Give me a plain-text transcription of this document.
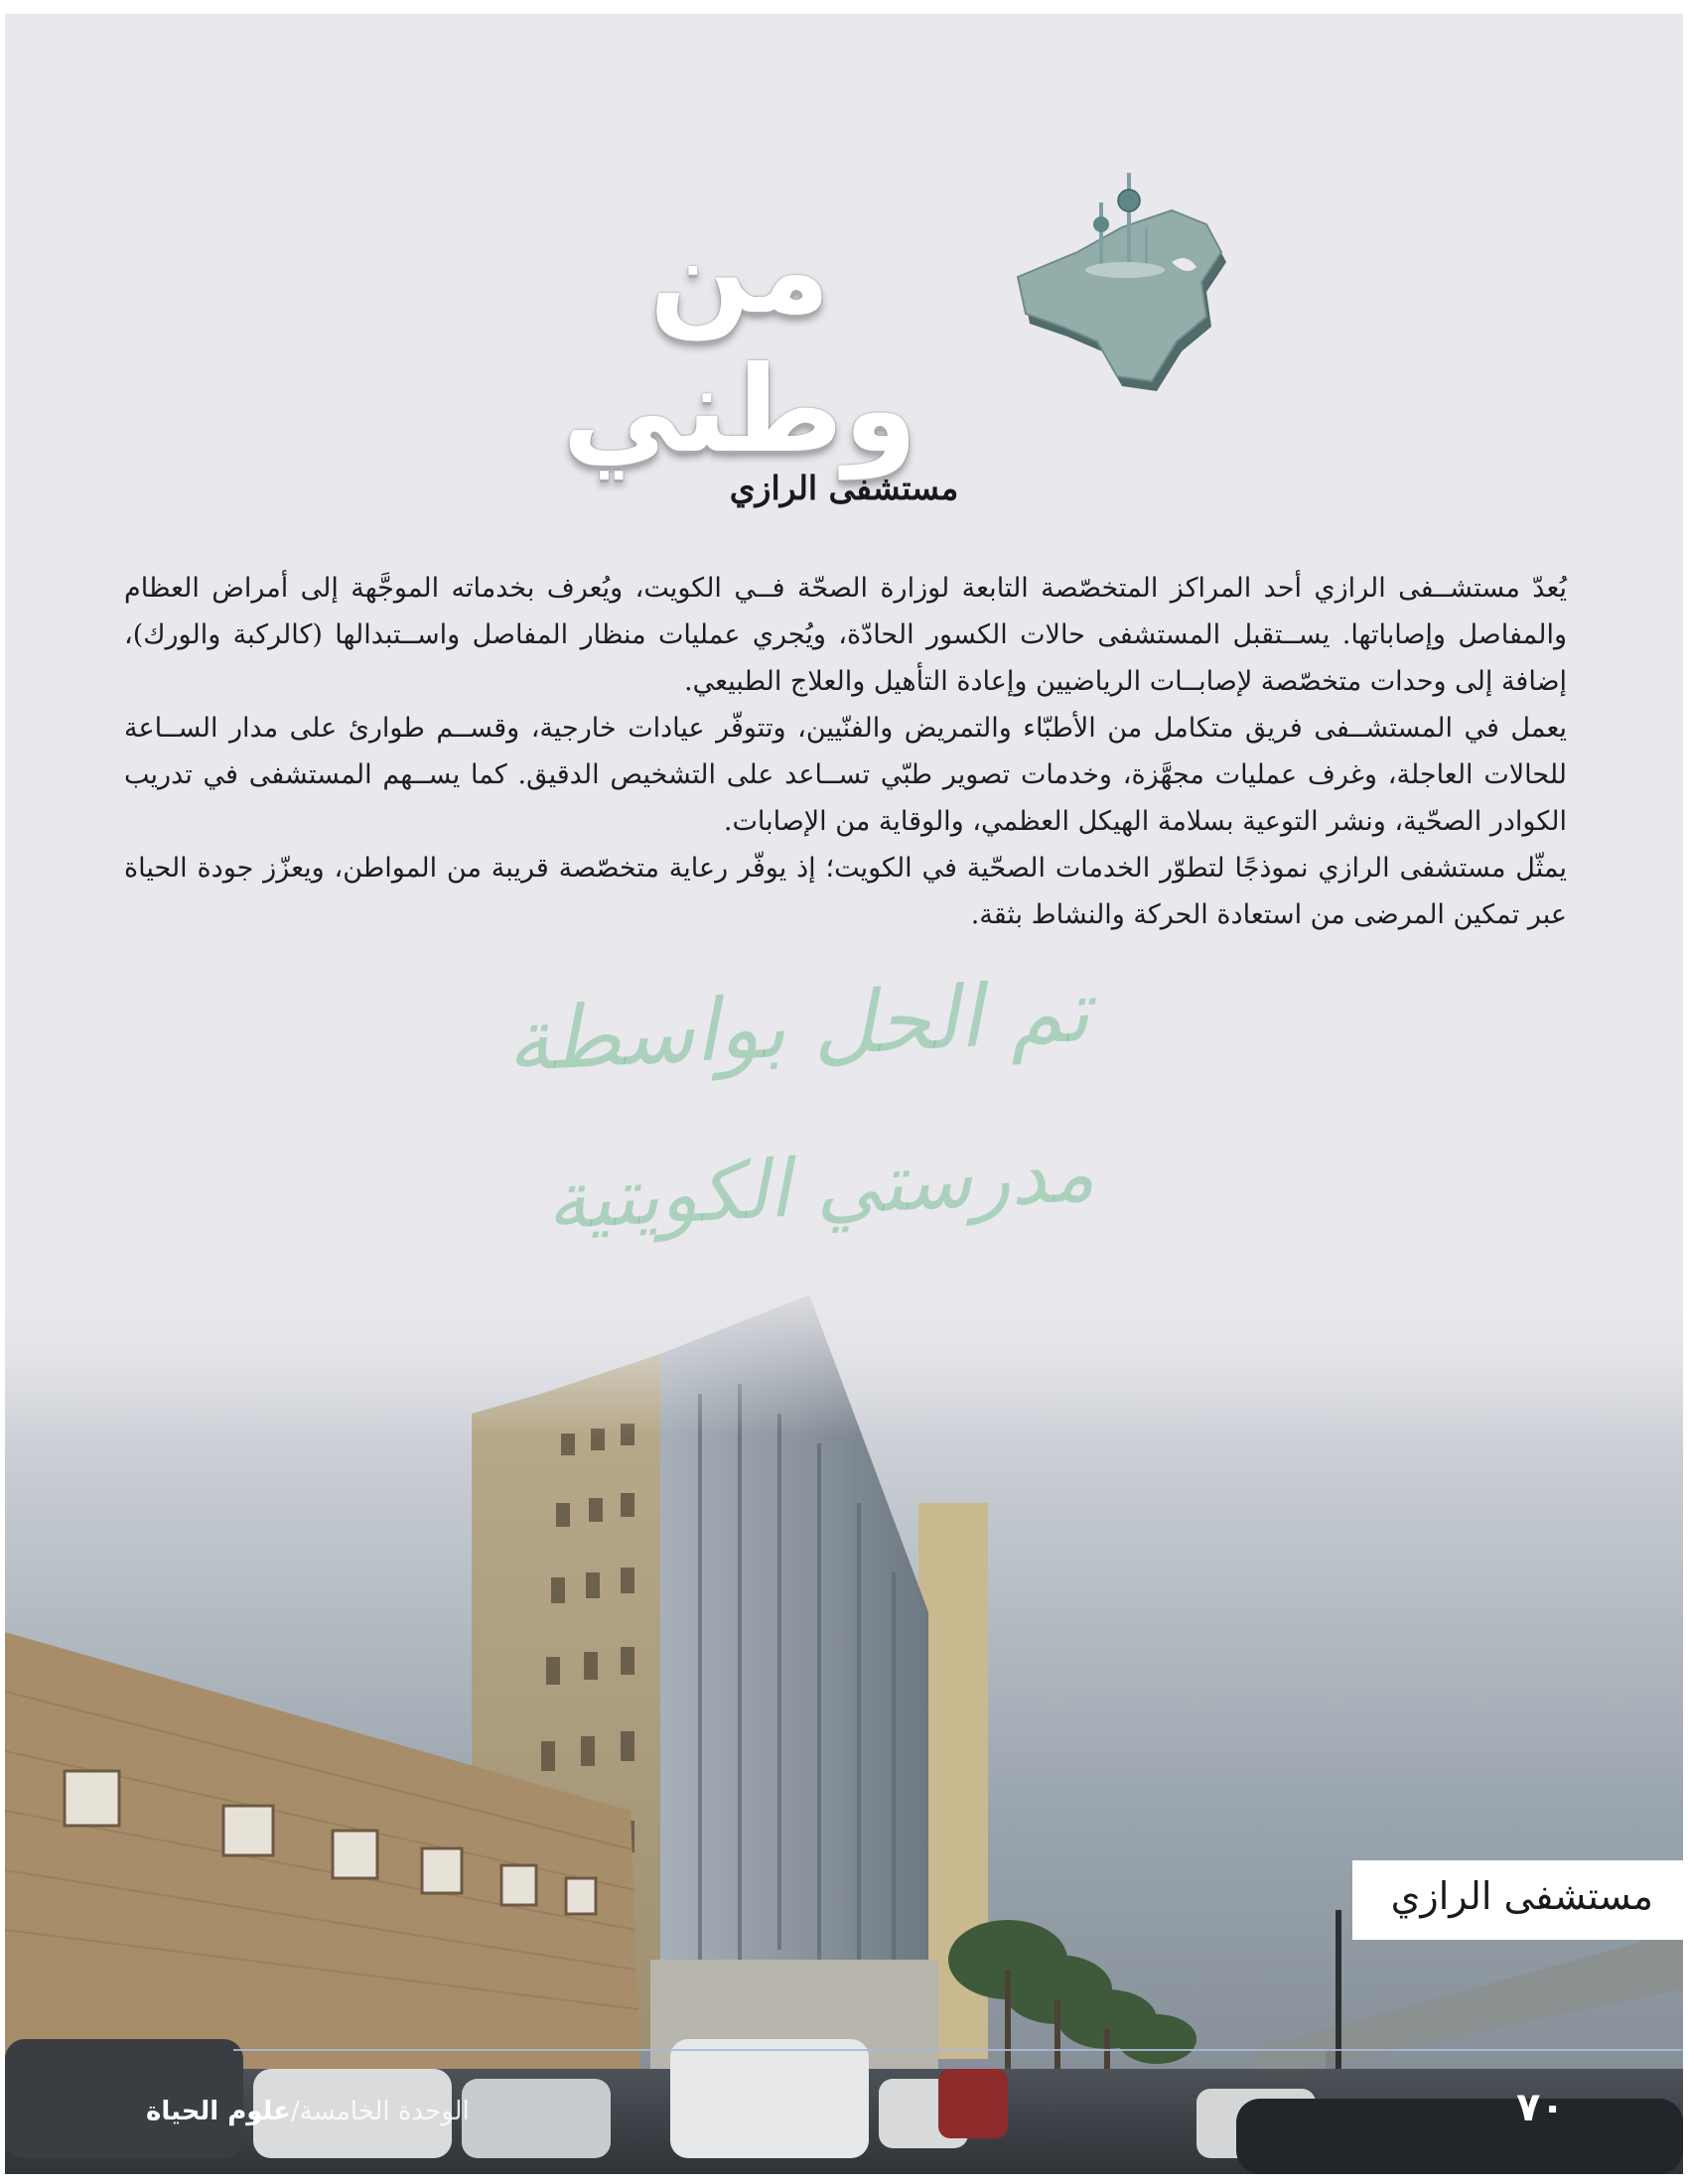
من وطني
مستشفى الرازي

يُعدّ مستشــفى الرازي أحد المراكز المتخصّصة التابعة لوزارة الصحّة فــي الكويت، ويُعرف بخدماته الموجَّهة إلى أمراض العظام والمفاصل وإصاباتها. يســتقبل المستشفى حالات الكسور الحادّة، ويُجري عمليات منظار المفاصل واســتبدالها (كالركبة والورك)، إضافة إلى وحدات متخصّصة لإصابــات الرياضيين وإعادة التأهيل والعلاج الطبيعي.

يعمل في المستشــفى فريق متكامل من الأطبّاء والتمريض والفنّيين، وتتوفّر عيادات خارجية، وقســم طوارئ على مدار الســاعة للحالات العاجلة، وغرف عمليات مجهَّزة، وخدمات تصوير طبّي تســاعد على التشخيص الدقيق. كما يســهم المستشفى في تدريب الكوادر الصحّية، ونشر التوعية بسلامة الهيكل العظمي، والوقاية من الإصابات.

يمثّل مستشفى الرازي نموذجًا لتطوّر الخدمات الصحّية في الكويت؛ إذ يوفّر رعاية متخصّصة قريبة من المواطن، ويعزّز جودة الحياة عبر تمكين المرضى من استعادة الحركة والنشاط بثقة.

تم الحل بواسطة
مدرستي الكويتية
مستشفى الرازي
الوحدة الخامسة/علوم الحياة	٧٠
